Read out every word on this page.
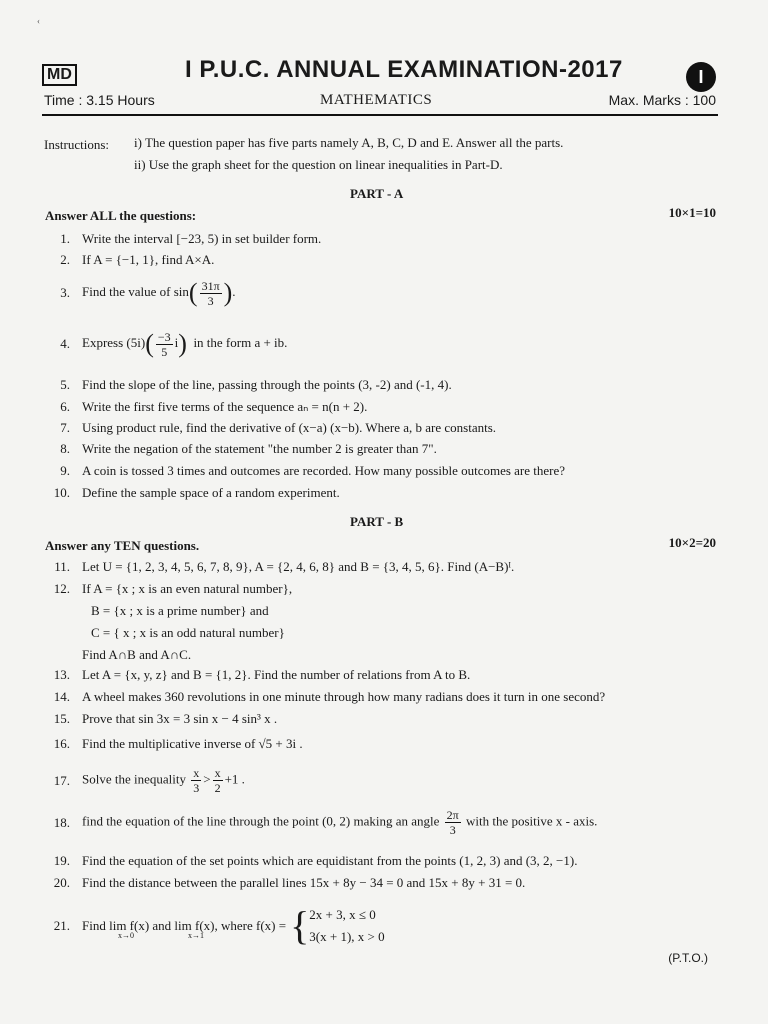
‹
MD	I P.U.C. ANNUAL EXAMINATION-2017	I
Time : 3.15 Hours	MATHEMATICS	Max. Marks : 100
Instructions: i) The question paper has five parts namely A, B, C, D and E. Answer all the parts.
ii) Use the graph sheet for the question on linear inequalities in Part-D.
PART - A
Answer ALL the questions:	10×1=10
1. Write the interval [−23, 5) in set builder form.
2. If A = {−1, 1}, find A×A.
3. Find the value of $\sin( \frac{31\pi}{3}$ ).
4. Express $(5i)( \frac{-3}{5} i)$ in the form a + ib.
5. Find the slope of the line, passing through the points (3, -2) and (-1, 4).
6. Write the first five terms of the sequence aₙ = n(n + 2).
7. Using product rule, find the derivative of (x−a) (x−b). Where a, b are constants.
8. Write the negation of the statement "the number 2 is greater than 7".
9. A coin is tossed 3 times and outcomes are recorded. How many possible outcomes are there?
10. Define the sample space of a random experiment.
PART - B
Answer any TEN questions.	10×2=20
11. Let U = {1, 2, 3, 4, 5, 6, 7, 8, 9}, A = {2, 4, 6, 8} and B = {3, 4, 5, 6}. Find (A−B)ᴵ.
12. If A = {x ; x is an even natural number},
B = {x ; x is a prime number} and
C = { x ; x is an odd natural number}
Find A∩B and A∩C.
13. Let A = {x, y, z} and B = {1, 2}. Find the number of relations from A to B.
14. A wheel makes 360 revolutions in one minute through how many radians does it turn in one second?
15. Prove that sin 3x = 3 sin x − 4 sin³ x .
16. Find the multiplicative inverse of √5 + 3i .
17. Solve the inequality $\frac{x}{3} > \frac{x}{2} +1$ .
18. find the equation of the line through the point (0, 2) making an angle $\frac{2\pi}{3}$ with the positive x - axis.
19. Find the equation of the set points which are equidistant from the points (1, 2, 3) and (3, 2, −1).
20. Find the distance between the parallel lines 15x + 8y − 34 = 0 and 15x + 8y + 31 = 0.
21. Find lim f(x) and lim f(x), where f(x) = { 2x + 3, x ≤ 0
3(x + 1), x > 0
x→0	x→1
(P.T.O.)
